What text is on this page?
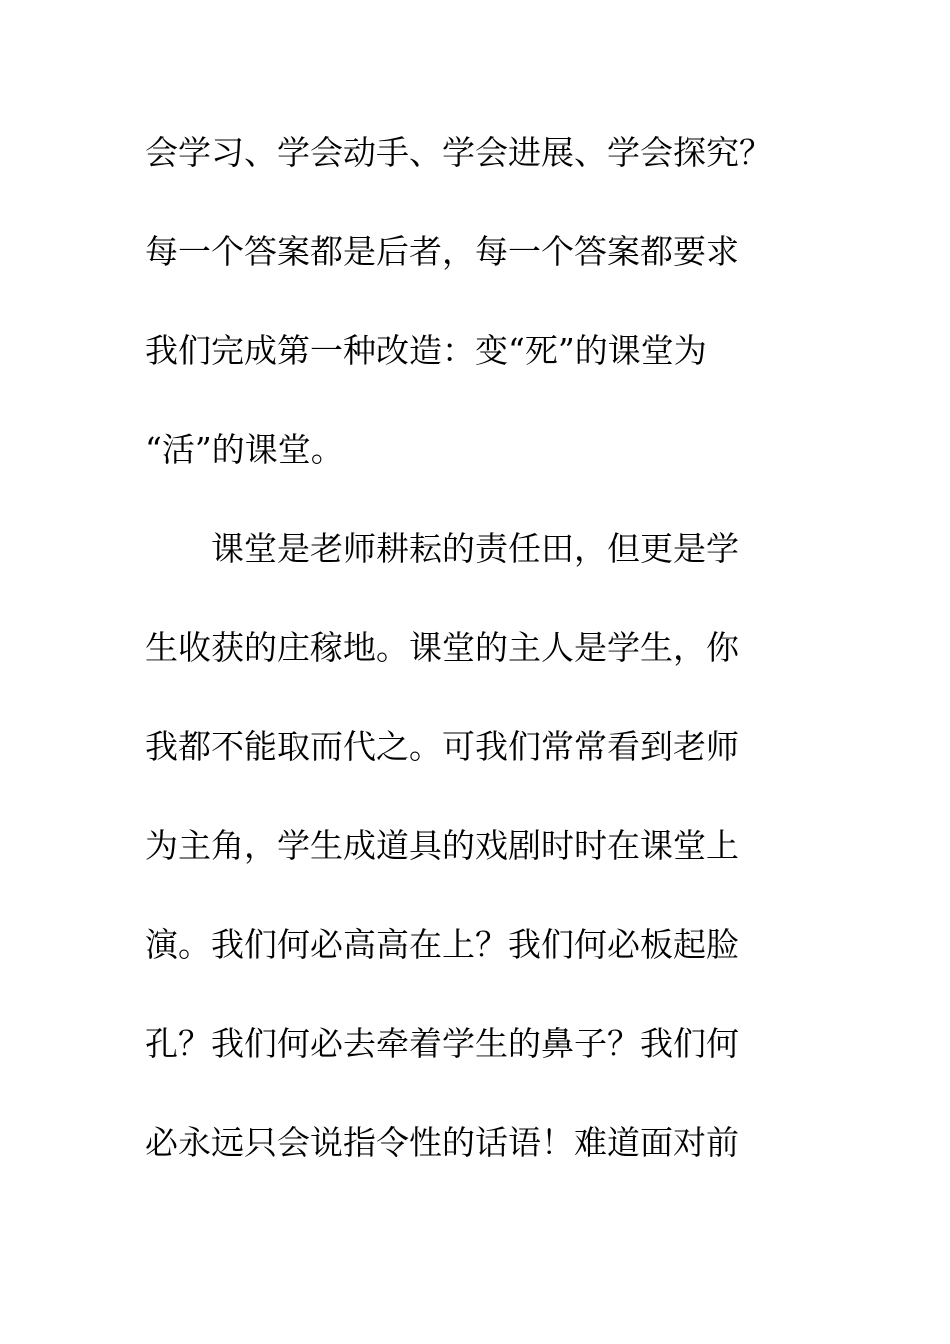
会学习、学会动手、学会进展、学会探究？
每一个答案都是后者，每一个答案都要求
我们完成第一种改造：变“死”的课堂为
“活”的课堂。
　　课堂是老师耕耘的责任田，但更是学
生收获的庄稼地。课堂的主人是学生，你
我都不能取而代之。可我们常常看到老师
为主角，学生成道具的戏剧时时在课堂上
演。我们何必高高在上？我们何必板起脸
孔？我们何必去牵着学生的鼻子？我们何
必永远只会说指令性的话语！难道面对前
